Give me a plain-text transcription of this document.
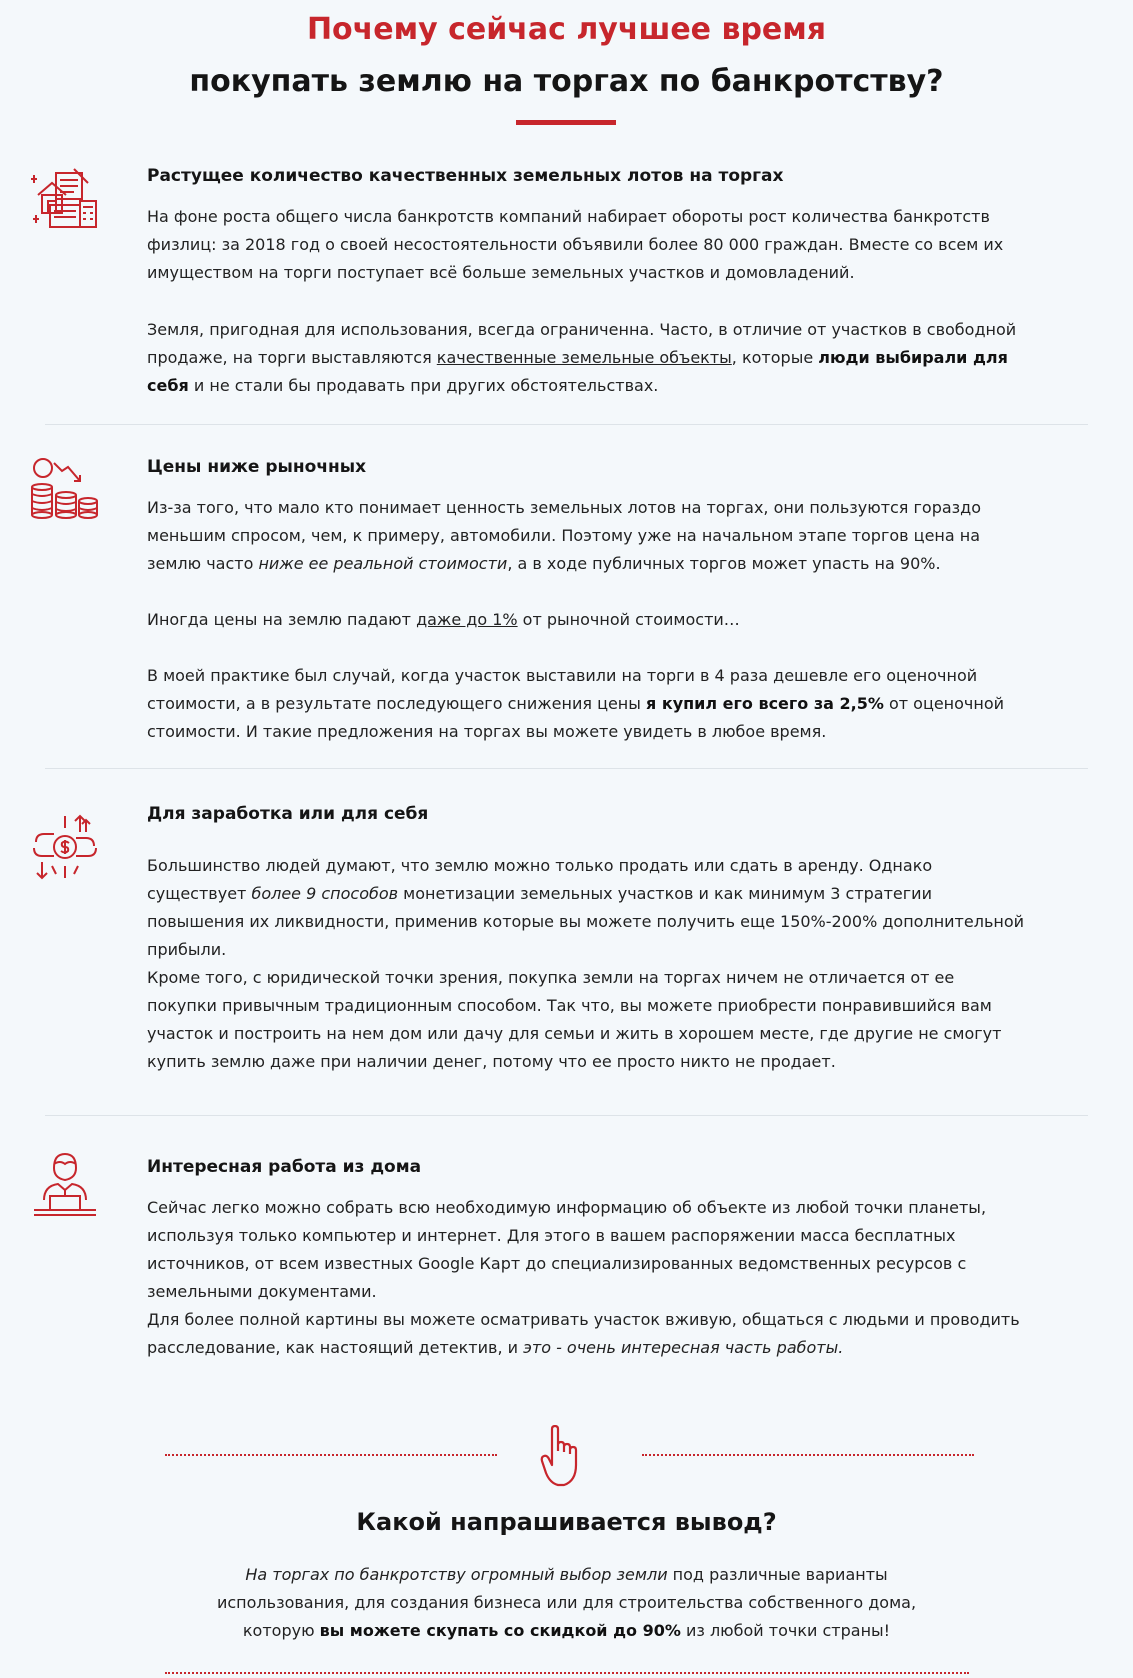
Почему сейчас лучшее время
покупать землю на торгах по банкротству?
Растущее количество качественных земельных лотов на торгах

На фоне роста общего числа банкротств компаний набирает обороты рост количества банкротств физлиц: за 2018 год о своей несостоятельности объявили более 80 000 граждан. Вместе со всем их имуществом на торги поступает всё больше земельных участков и домовладений.

Земля, пригодная для использования, всегда ограниченна. Часто, в отличие от участков в свободной продаже, на торги выставляются качественные земельные объекты, которые люди выбирали для себя и не стали бы продавать при других обстоятельствах.

Цены ниже рыночных

Из-за того, что мало кто понимает ценность земельных лотов на торгах, они пользуются гораздо меньшим спросом, чем, к примеру, автомобили. Поэтому уже на начальном этапе торгов цена на землю часто ниже ее реальной стоимости, а в ходе публичных торгов может упасть на 90%.

Иногда цены на землю падают даже до 1% от рыночной стоимости…

В моей практике был случай, когда участок выставили на торги в 4 раза дешевле его оценочной стоимости, а в результате последующего снижения цены я купил его всего за 2,5% от оценочной стоимости. И такие предложения на торгах вы можете увидеть в любое время.

Для заработка или для себя

Большинство людей думают, что землю можно только продать или сдать в аренду. Однако существует более 9 способов монетизации земельных участков и как минимум 3 стратегии повышения их ликвидности, применив которые вы можете получить еще 150%-200% дополнительной прибыли.

Кроме того, с юридической точки зрения, покупка земли на торгах ничем не отличается от ее покупки привычным традиционным способом. Так что, вы можете приобрести понравившийся вам участок и построить на нем дом или дачу для семьи и жить в хорошем месте, где другие не смогут купить землю даже при наличии денег, потому что ее просто никто не продает.

Интересная работа из дома

Сейчас легко можно собрать всю необходимую информацию об объекте из любой точки планеты, используя только компьютер и интернет. Для этого в вашем распоряжении масса бесплатных источников, от всем известных Google Карт до специализированных ведомственных ресурсов с земельными документами.

Для более полной картины вы можете осматривать участок вживую, общаться с людьми и проводить расследование, как настоящий детектив, и это - очень интересная часть работы.

Какой напрашивается вывод?

На торгах по банкротству огромный выбор земли под различные варианты использования, для создания бизнеса или для строительства собственного дома, которую вы можете скупать со скидкой до 90% из любой точки страны!
